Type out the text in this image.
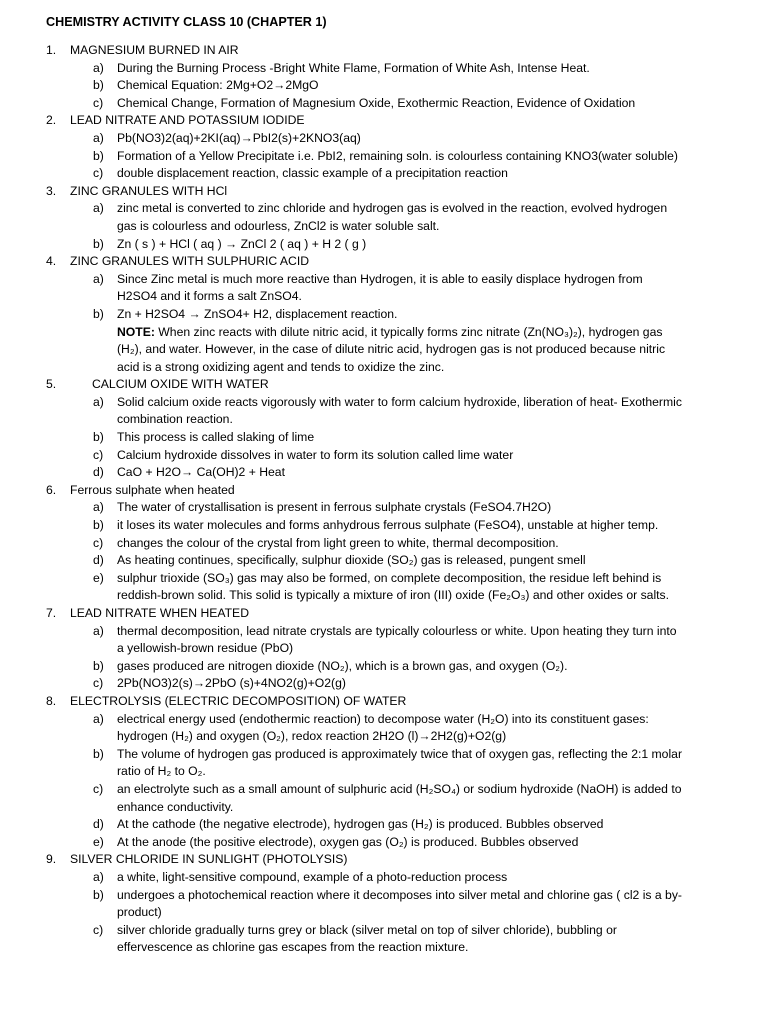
CHEMISTRY ACTIVITY CLASS 10 (CHAPTER 1)
1. MAGNESIUM BURNED IN AIR
a) During the Burning Process -Bright White Flame, Formation of White Ash, Intense Heat.
b) Chemical Equation: 2Mg+O2→2MgO
c) Chemical Change, Formation of Magnesium Oxide, Exothermic Reaction, Evidence of Oxidation
2. LEAD NITRATE AND POTASSIUM IODIDE
a) Pb(NO3)2(aq)+2KI(aq)→PbI2(s)+2KNO3(aq)
b) Formation of a Yellow Precipitate i.e. PbI2, remaining soln. is colourless containing KNO3(water soluble)
c) double displacement reaction, classic example of a precipitation reaction
3. ZINC GRANULES WITH HCl
a) zinc metal is converted to zinc chloride and hydrogen gas is evolved in the reaction, evolved hydrogen gas is colourless and odourless, ZnCl2 is water soluble salt.
b) Zn ( s ) + HCl ( aq ) → ZnCl 2 ( aq ) + H 2 ( g )
4. ZINC GRANULES WITH SULPHURIC ACID
a) Since Zinc metal is much more reactive than Hydrogen, it is able to easily displace hydrogen from H2SO4 and it forms a salt ZnSO4.
b) Zn + H2SO4 → ZnSO4+ H2, displacement reaction.
NOTE: When zinc reacts with dilute nitric acid, it typically forms zinc nitrate (Zn(NO₃)₂), hydrogen gas (H₂), and water. However, in the case of dilute nitric acid, hydrogen gas is not produced because nitric acid is a strong oxidizing agent and tends to oxidize the zinc.
5.	CALCIUM OXIDE WITH WATER
a) Solid calcium oxide reacts vigorously with water to form calcium hydroxide, liberation of heat- Exothermic combination reaction.
b) This process is called slaking of lime
c) Calcium hydroxide dissolves in water to form its solution called lime water
d) CaO + H2O→ Ca(OH)2 + Heat
6. Ferrous sulphate when heated
a) The water of crystallisation is present in ferrous sulphate crystals (FeSO4.7H2O)
b) it loses its water molecules and forms anhydrous ferrous sulphate (FeSO4), unstable at higher temp.
c) changes the colour of the crystal from light green to white, thermal decomposition.
d) As heating continues, specifically, sulphur dioxide (SO₂) gas is released, pungent smell
e) sulphur trioxide (SO₃) gas may also be formed, on complete decomposition, the residue left behind is reddish-brown solid. This solid is typically a mixture of iron (III) oxide (Fe₂O₃) and other oxides or salts.
7. LEAD NITRATE WHEN HEATED
a) thermal decomposition, lead nitrate crystals are typically colourless or white. Upon heating they turn into a yellowish-brown residue (PbO)
b) gases produced are nitrogen dioxide (NO₂), which is a brown gas, and oxygen (O₂).
c) 2Pb(NO3)2(s)→2PbO (s)+4NO2(g)+O2(g)
8. ELECTROLYSIS (ELECTRIC DECOMPOSITION) OF WATER
a) electrical energy used (endothermic reaction) to decompose water (H₂O) into its constituent gases: hydrogen (H₂) and oxygen (O₂), redox reaction 2H2O (l)→2H2(g)+O2(g)
b) The volume of hydrogen gas produced is approximately twice that of oxygen gas, reflecting the 2:1 molar ratio of H₂ to O₂.
c) an electrolyte such as a small amount of sulphuric acid (H₂SO₄) or sodium hydroxide (NaOH) is added to enhance conductivity.
d) At the cathode (the negative electrode), hydrogen gas (H₂) is produced. Bubbles observed
e) At the anode (the positive electrode), oxygen gas (O₂) is produced. Bubbles observed
9. SILVER CHLORIDE IN SUNLIGHT (PHOTOLYSIS)
a) a white, light-sensitive compound, example of a photo-reduction process
b) undergoes a photochemical reaction where it decomposes into silver metal and chlorine gas ( cl2 is a by-product)
c) silver chloride gradually turns grey or black (silver metal on top of silver chloride), bubbling or effervescence as chlorine gas escapes from the reaction mixture.
